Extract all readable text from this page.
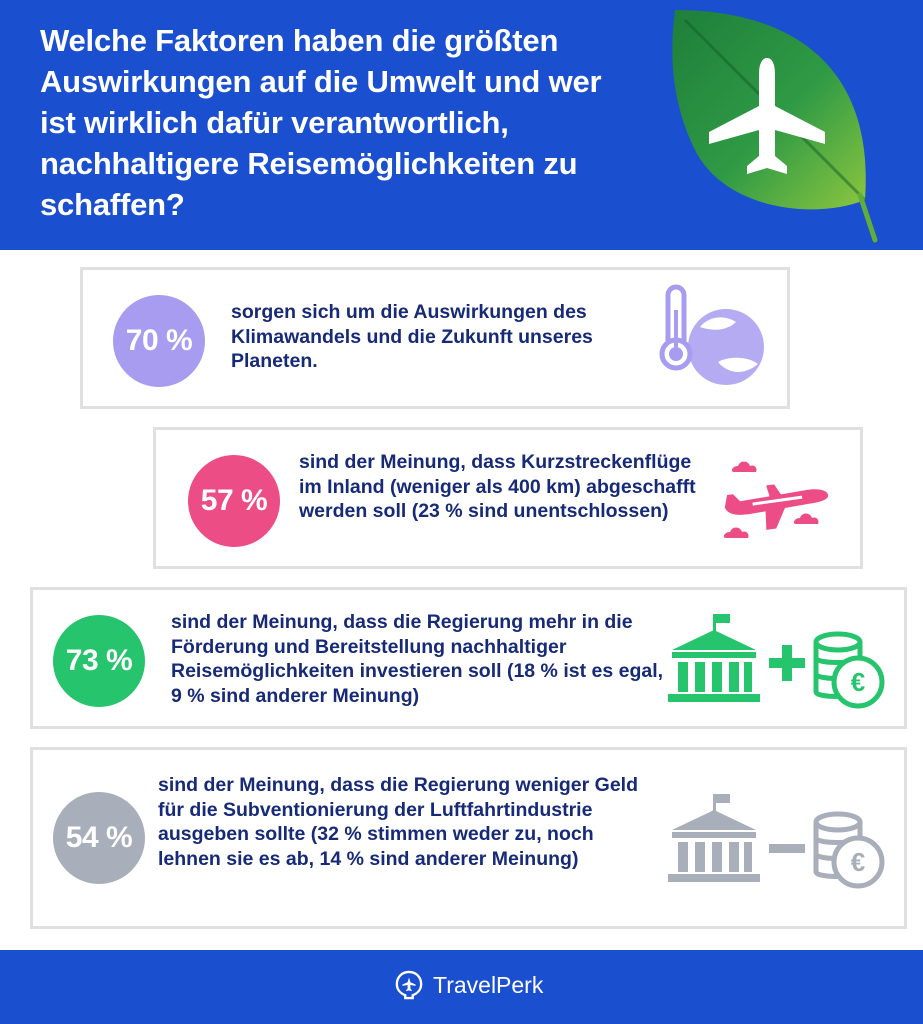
Welche Faktoren haben die größten Auswirkungen auf die Umwelt und wer ist wirklich dafür verantwortlich, nachhaltigere Reisemöglichkeiten zu schaffen?
70 %
sorgen sich um die Auswirkungen des Klimawandels und die Zukunft unseres Planeten.
57 %
sind der Meinung, dass Kurzstreckenflüge im Inland (weniger als 400 km) abgeschafft werden soll (23 % sind unentschlossen)
73 %
sind der Meinung, dass die Regierung mehr in die Förderung und Bereitstellung nachhaltiger Reisemöglichkeiten investieren soll (18 % ist es egal, 9 % sind anderer Meinung)	€
54 %
sind der Meinung, dass die Regierung weniger Geld für die Subventionierung der Luftfahrtindustrie ausgeben sollte (32 % stimmen weder zu, noch lehnen sie es ab, 14 % sind anderer Meinung)	€
TravelPerk
